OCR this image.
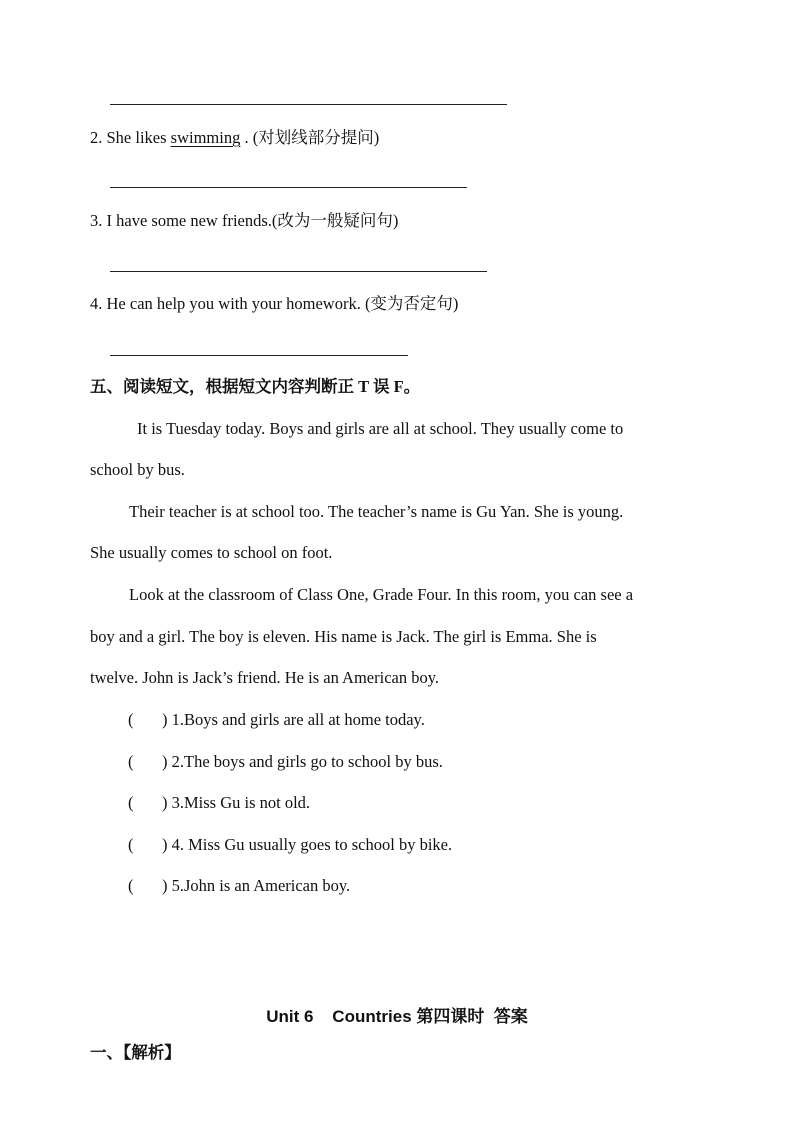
2. She likes swimming . (对划线部分提问)
3. I have some new friends.(改为一般疑问句)
4. He can help you with your homework. (变为否定句)
五、阅读短文，根据短文内容判断正 T 误 F。
It is Tuesday today. Boys and girls are all at school. They usually come to
school by bus.
Their teacher is at school too. The teacher’s name is Gu Yan. She is young.
She usually comes to school on foot.
Look at the classroom of Class One, Grade Four. In this room, you can see a
boy and a girl. The boy is eleven. His name is Jack. The girl is Emma. She is
twelve. John is Jack’s friend. He is an American boy.
( ) 1.Boys and girls are all at home today.
( ) 2.The boys and girls go to school by bus.
( ) 3.Miss Gu is not old.
( ) 4. Miss Gu usually goes to school by bike.
( ) 5.John is an American boy.
Unit 6    Countries 第四课时  答案
一、【解析】
